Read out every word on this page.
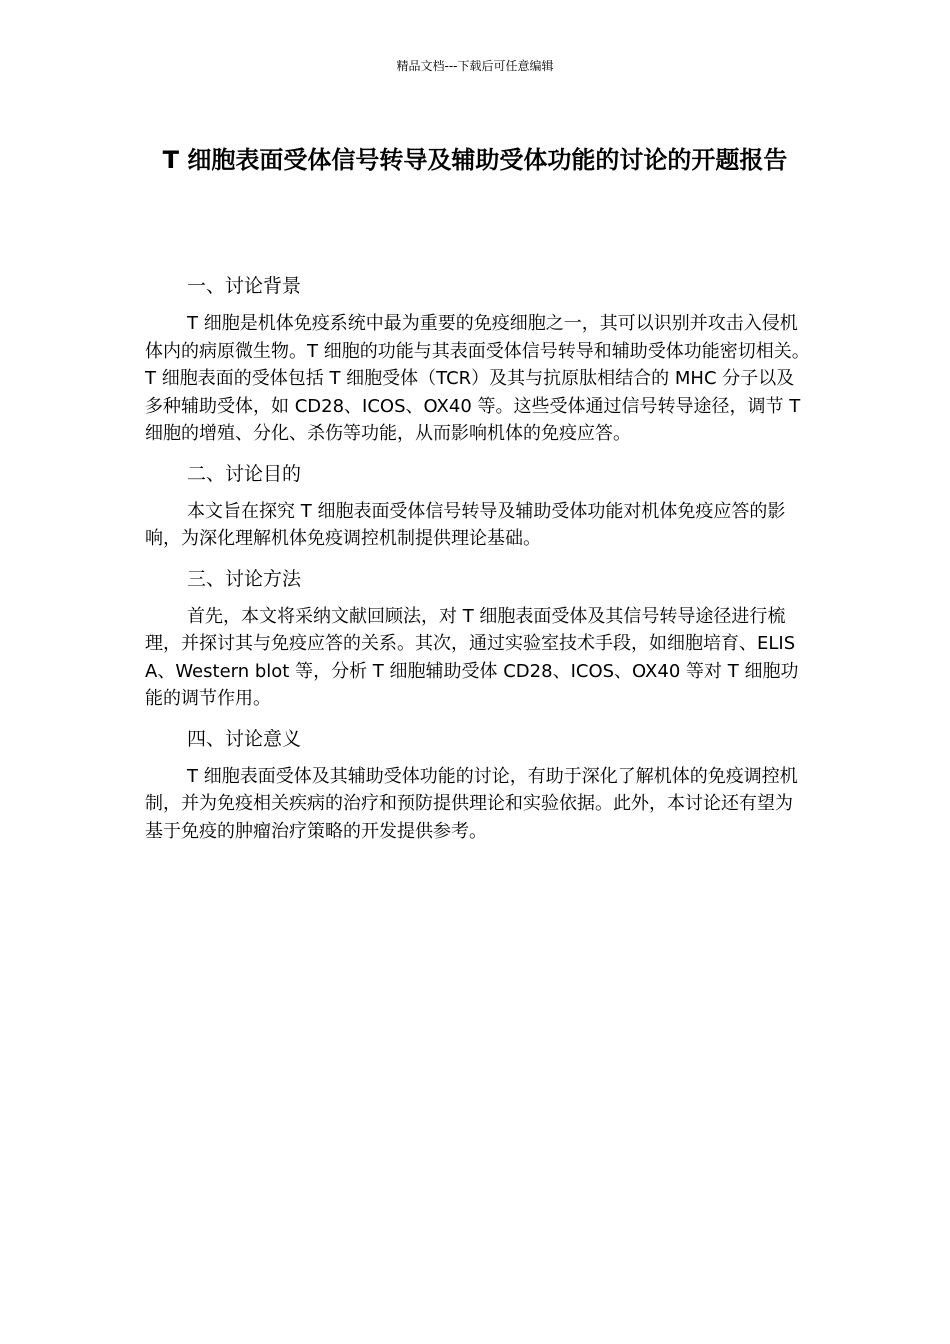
精品文档---下载后可任意编辑
T 细胞表面受体信号转导及辅助受体功能的讨论的开题报告
一、讨论背景

T 细胞是机体免疫系统中最为重要的免疫细胞之一，其可以识别并攻击入侵机体内的病原微生物。T 细胞的功能与其表面受体信号转导和辅助受体功能密切相关。T 细胞表面的受体包括 T 细胞受体（TCR）及其与抗原肽相结合的 MHC 分子以及多种辅助受体，如 CD28、ICOS、OX40 等。这些受体通过信号转导途径，调节 T 细胞的增殖、分化、杀伤等功能，从而影响机体的免疫应答。

二、讨论目的

本文旨在探究 T 细胞表面受体信号转导及辅助受体功能对机体免疫应答的影响，为深化理解机体免疫调控机制提供理论基础。

三、讨论方法

首先，本文将采纳文献回顾法，对 T 细胞表面受体及其信号转导途径进行梳理，并探讨其与免疫应答的关系。其次，通过实验室技术手段，如细胞培育、ELISA、Western blot 等，分析 T 细胞辅助受体 CD28、ICOS、OX40 等对 T 细胞功能的调节作用。

四、讨论意义

T 细胞表面受体及其辅助受体功能的讨论，有助于深化了解机体的免疫调控机制，并为免疫相关疾病的治疗和预防提供理论和实验依据。此外，本讨论还有望为基于免疫的肿瘤治疗策略的开发提供参考。
